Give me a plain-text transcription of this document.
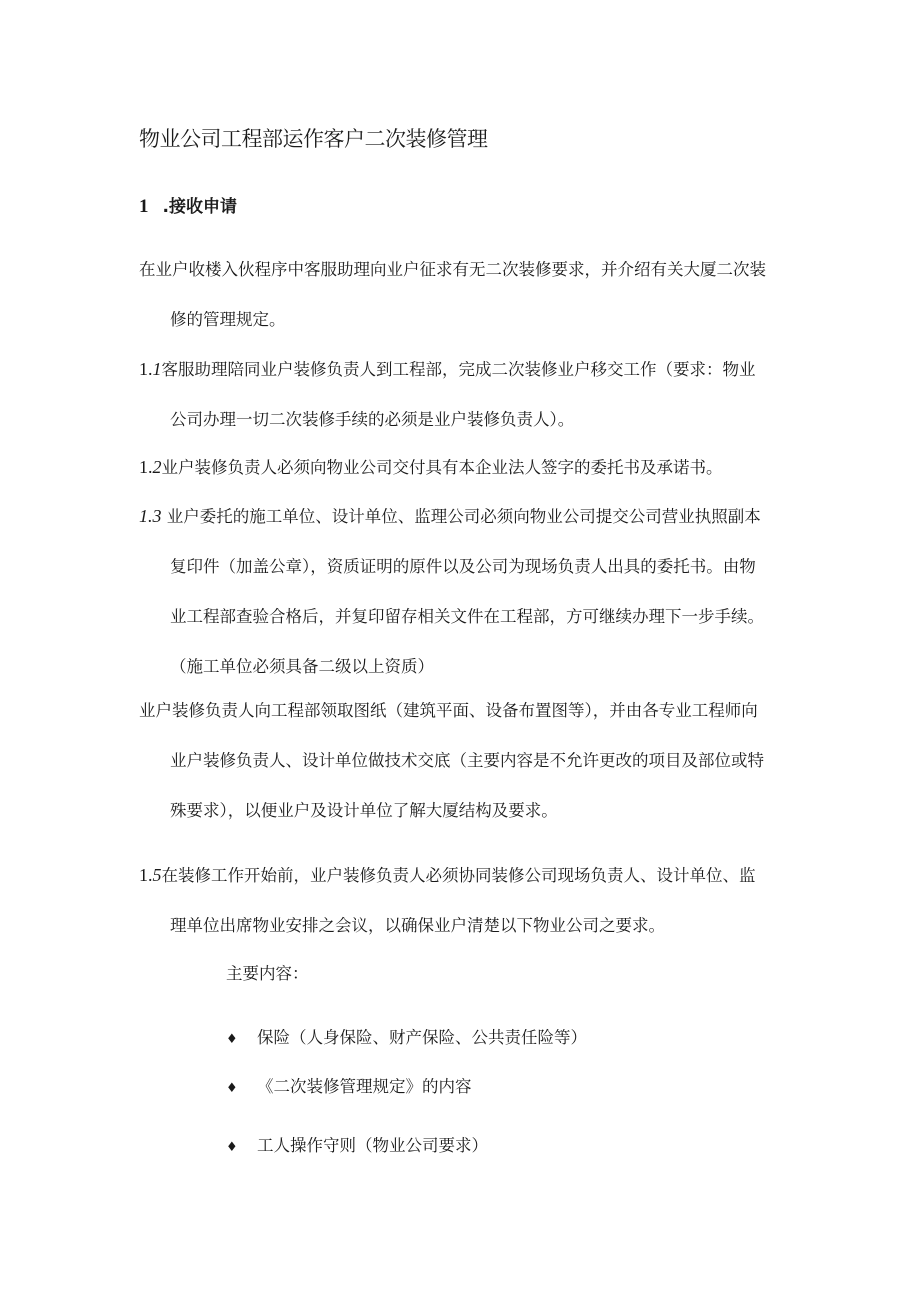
物业公司工程部运作客户二次装修管理
1 .接收申请
在业户收楼入伙程序中客服助理向业户征求有无二次装修要求，并介绍有关大厦二次装
修的管理规定。
1.1客服助理陪同业户装修负责人到工程部，完成二次装修业户移交工作（要求：物业
公司办理一切二次装修手续的必须是业户装修负责人）。
1.2业户装修负责人必须向物业公司交付具有本企业法人签字的委托书及承诺书。
1.3 业户委托的施工单位、设计单位、监理公司必须向物业公司提交公司营业执照副本
复印件（加盖公章），资质证明的原件以及公司为现场负责人出具的委托书。由物
业工程部查验合格后，并复印留存相关文件在工程部，方可继续办理下一步手续。
（施工单位必须具备二级以上资质）
业户装修负责人向工程部领取图纸（建筑平面、设备布置图等），并由各专业工程师向
业户装修负责人、设计单位做技术交底（主要内容是不允许更改的项目及部位或特
殊要求），以便业户及设计单位了解大厦结构及要求。
1.5在装修工作开始前，业户装修负责人必须协同装修公司现场负责人、设计单位、监
理单位出席物业安排之会议，以确保业户清楚以下物业公司之要求。
主要内容：
♦ 保险（人身保险、财产保险、公共责任险等）
♦ 《二次装修管理规定》的内容
♦ 工人操作守则（物业公司要求）
